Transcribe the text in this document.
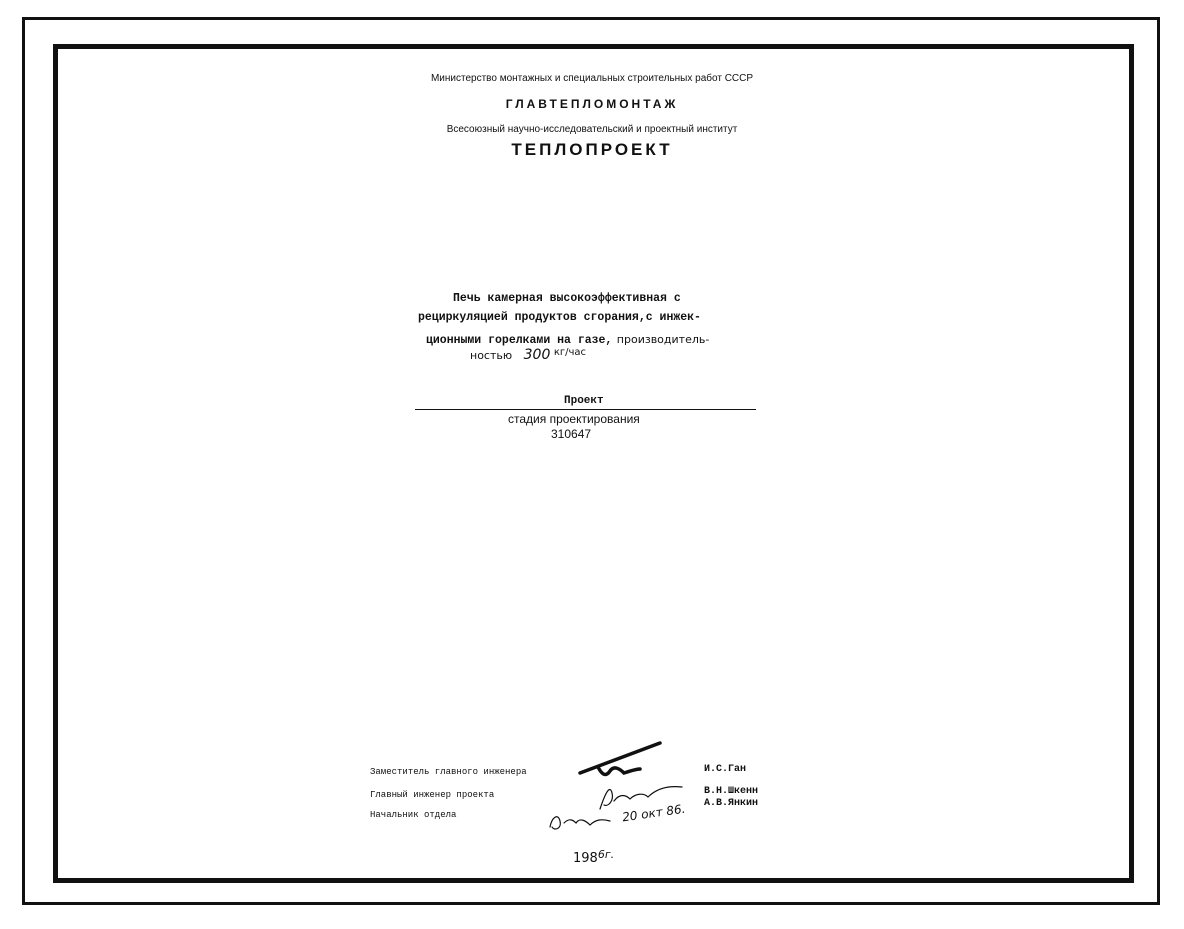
Министерство монтажных и специальных строительных работ СССР
ГЛАВТЕПЛОМОНТАЖ
Всесоюзный научно-исследовательский и проектный институт
ТЕПЛОПРОЕКТ
Печь камерная высокоэффективная с
рециркуляцией продуктов сгорания,с инжек-
ционными горелками на газе, производитель-
ностью 300 кг/час
Проект
стадия проектирования
310647
Заместитель главного инженера
Главный инженер проекта
Начальник отдела
И.С.Ган
В.Н.Шкенн
А.В.Янкин
20 окт 86.
$198^{6г.}$
